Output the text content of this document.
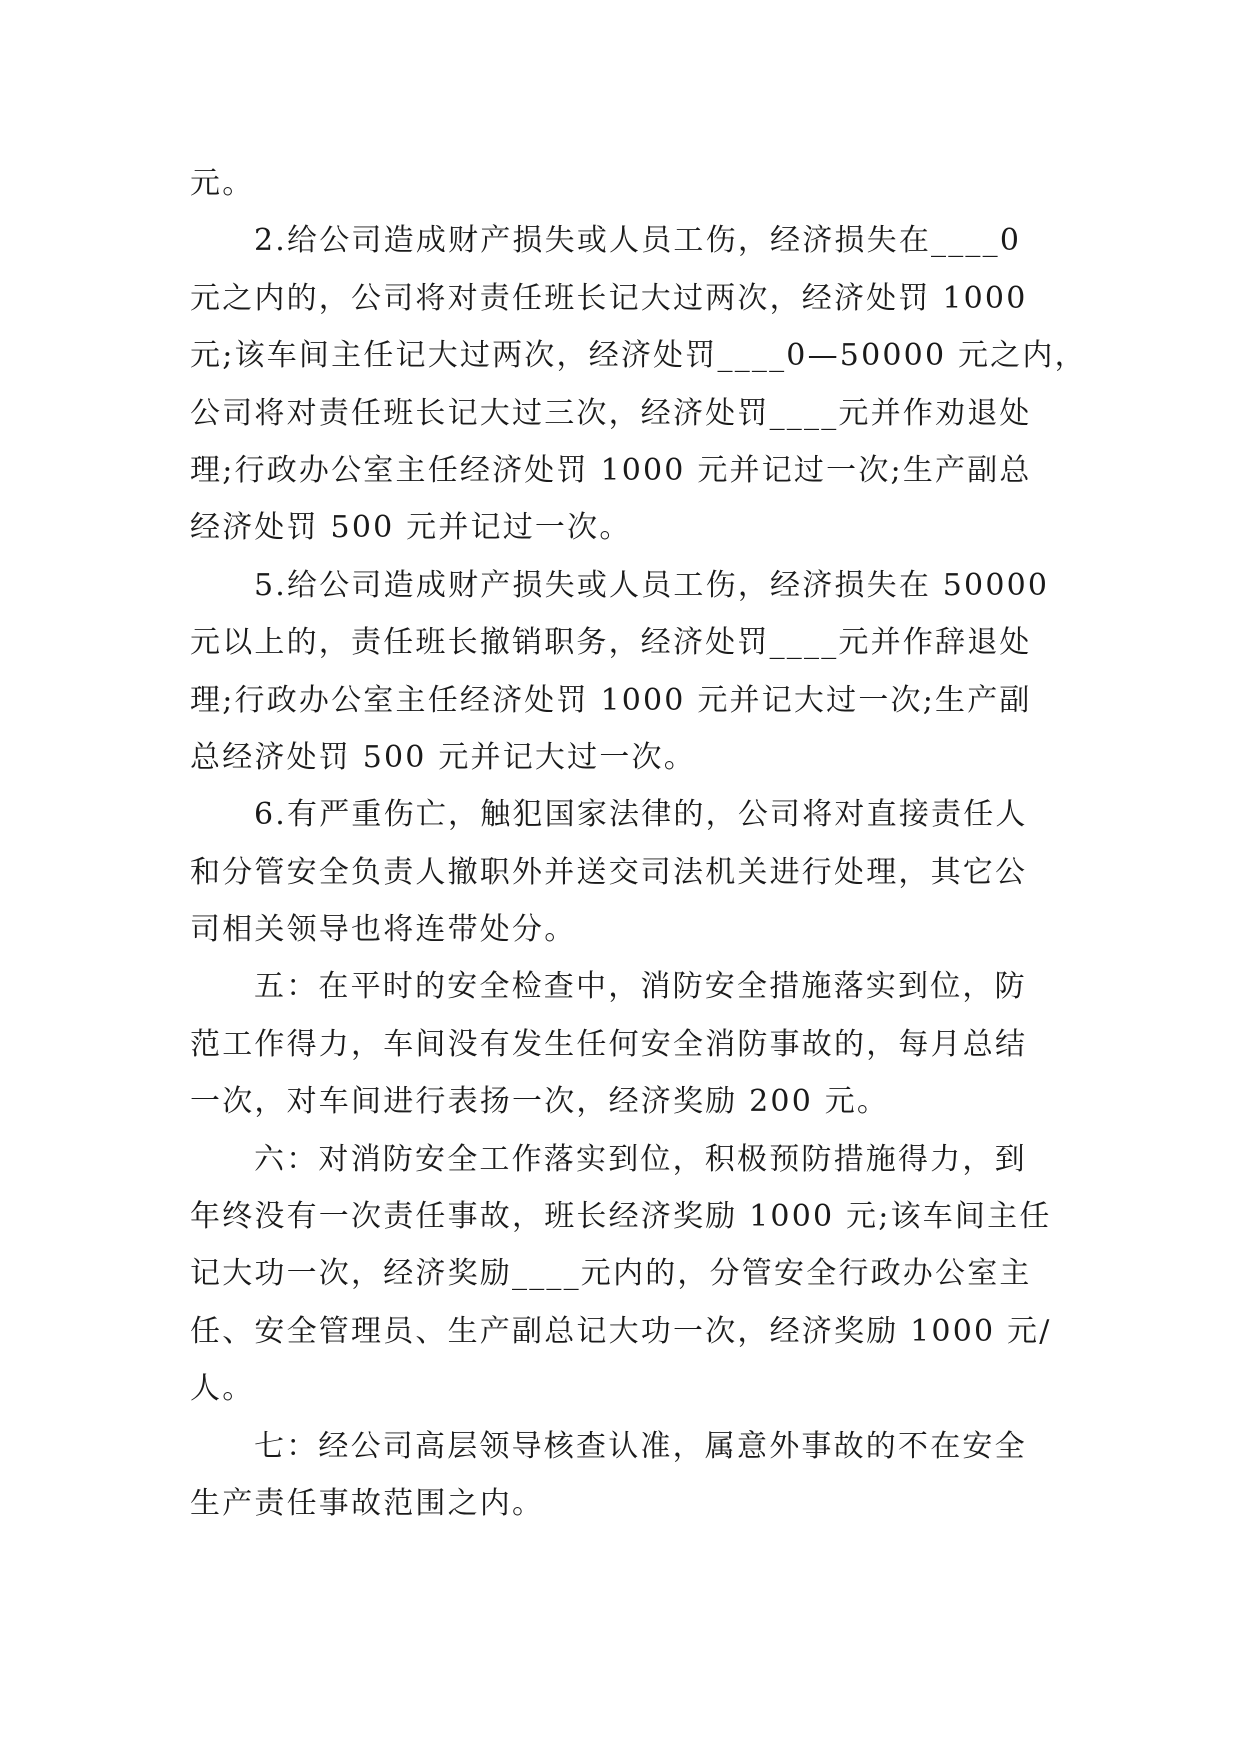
元。
2.给公司造成财产损失或人员工伤，经济损失在____0
元之内的，公司将对责任班长记大过两次，经济处罚 1000
元;该车间主任记大过两次，经济处罚____0—50000 元之内，
公司将对责任班长记大过三次，经济处罚____元并作劝退处
理;行政办公室主任经济处罚 1000 元并记过一次;生产副总
经济处罚 500 元并记过一次。
5.给公司造成财产损失或人员工伤，经济损失在 50000
元以上的，责任班长撤销职务，经济处罚____元并作辞退处
理;行政办公室主任经济处罚 1000 元并记大过一次;生产副
总经济处罚 500 元并记大过一次。
6.有严重伤亡，触犯国家法律的，公司将对直接责任人
和分管安全负责人撤职外并送交司法机关进行处理，其它公
司相关领导也将连带处分。
五：在平时的安全检查中，消防安全措施落实到位，防
范工作得力，车间没有发生任何安全消防事故的，每月总结
一次，对车间进行表扬一次，经济奖励 200 元。
六：对消防安全工作落实到位，积极预防措施得力，到
年终没有一次责任事故，班长经济奖励 1000 元;该车间主任
记大功一次，经济奖励____元内的，分管安全行政办公室主
任、安全管理员、生产副总记大功一次，经济奖励 1000 元/
人。
七：经公司高层领导核查认准，属意外事故的不在安全
生产责任事故范围之内。
